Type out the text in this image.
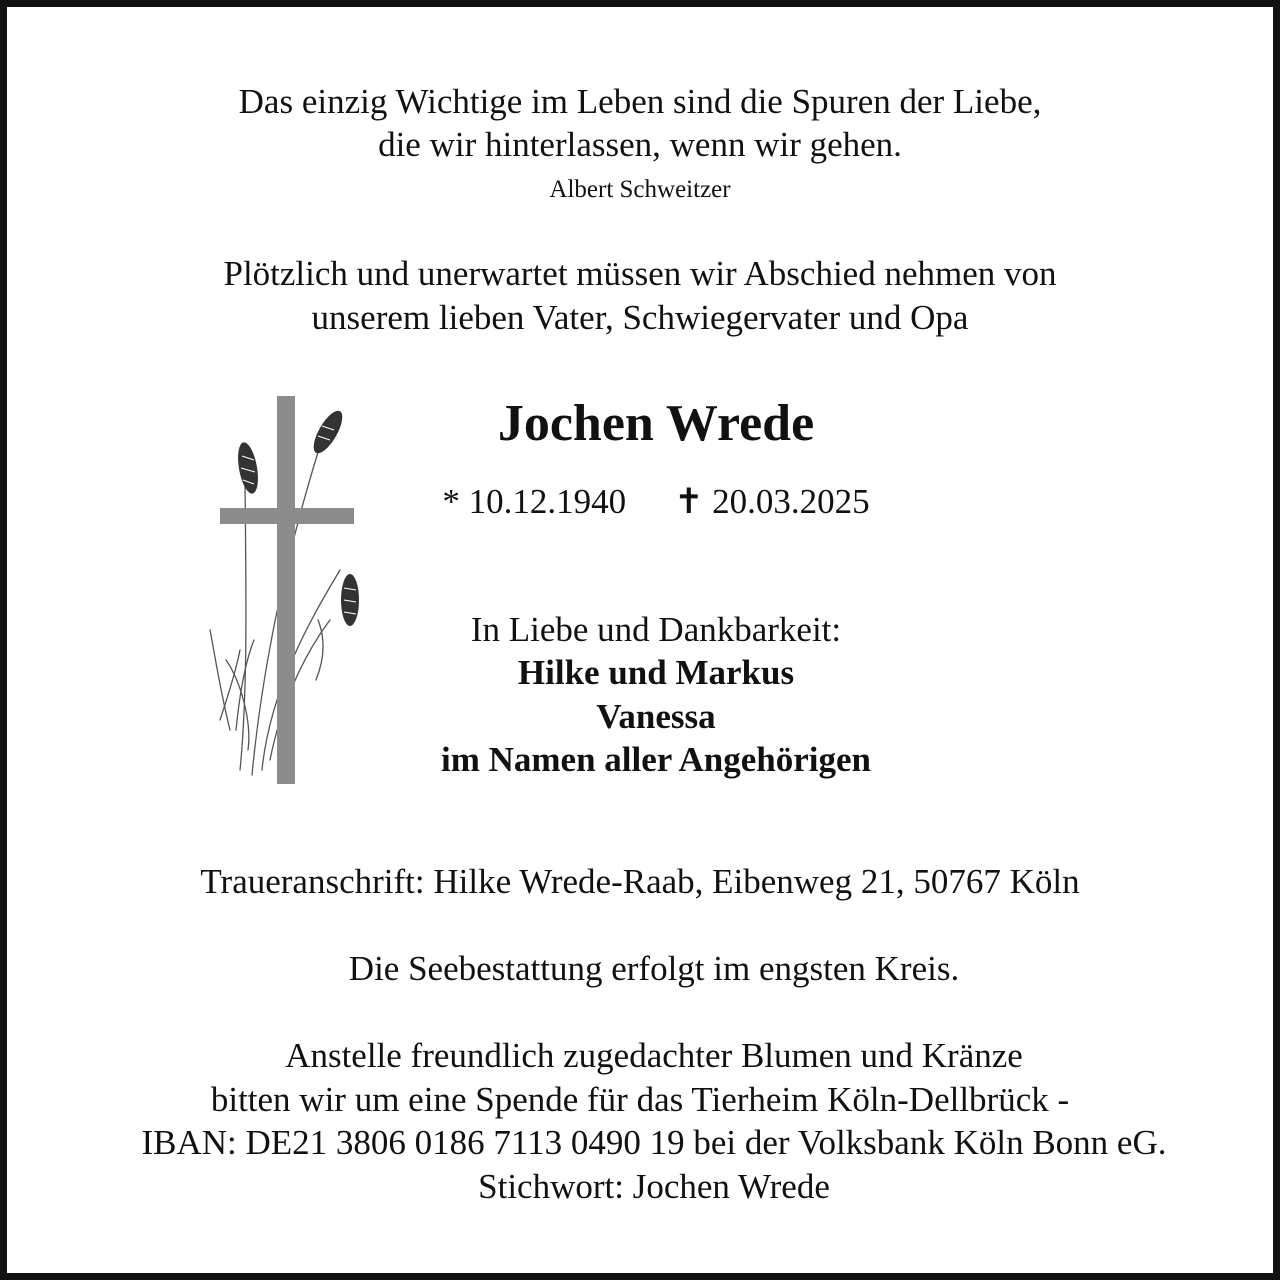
Das einzig Wichtige im Leben sind die Spuren der Liebe,
die wir hinterlassen, wenn wir gehen.
Albert Schweitzer
Plötzlich und unerwartet müssen wir Abschied nehmen von
unserem lieben Vater, Schwiegervater und Opa
Jochen Wrede
* 10.12.1940 ✝ 20.03.2025
In Liebe und Dankbarkeit:
Hilke und Markus
Vanessa
im Namen aller Angehörigen
Traueranschrift: Hilke Wrede-Raab, Eibenweg 21, 50767 Köln
Die Seebestattung erfolgt im engsten Kreis.
Anstelle freundlich zugedachter Blumen und Kränze
bitten wir um eine Spende für das Tierheim Köln-Dellbrück -
IBAN: DE21 3806 0186 7113 0490 19 bei der Volksbank Köln Bonn eG.
Stichwort: Jochen Wrede
